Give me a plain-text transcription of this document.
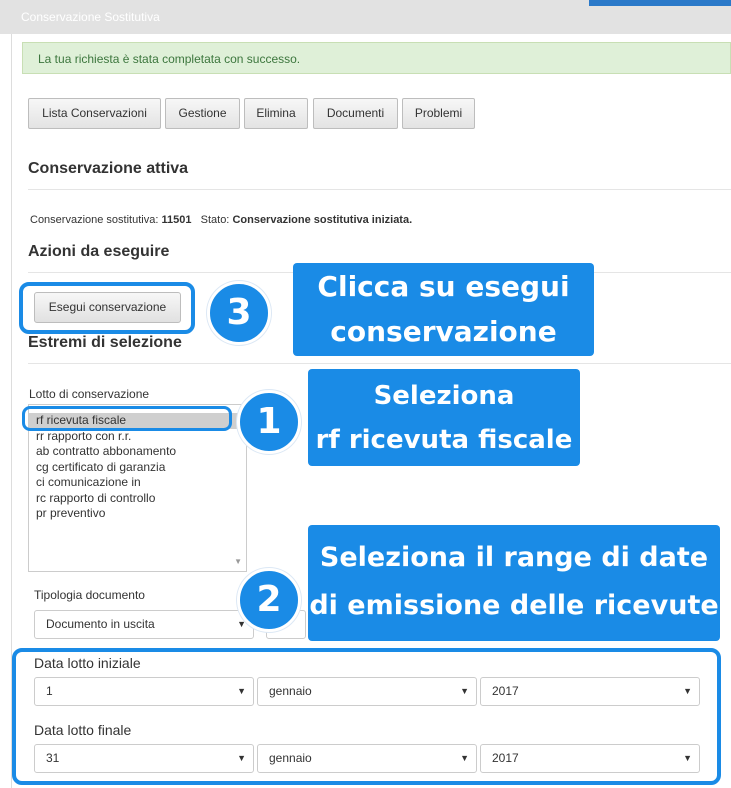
Conservazione Sostitutiva
La tua richiesta è stata completata con successo.
Lista Conservazioni	Gestione	Elimina	Documenti	Problemi
Conservazione attiva
Conservazione sostitutiva: 11501 Stato: Conservazione sostitutiva iniziata.
Azioni da eseguire
Esegui conservazione
Estremi di selezione
Lotto di conservazione
rf ricevuta fiscale
rr rapporto con r.r.
ab contratto abbonamento
cg certificato di garanzia
ci comunicazione in
rc rapporto di controllo
pr preventivo
▼
Tipologia documento
Documento in uscita	▼
Data lotto iniziale
1	▼	gennaio	▼	2017	▼
Data lotto finale
31	▼	gennaio	▼	2017	▼
3
1
2
Clicca su esegui
conservazione
Seleziona
rf ricevuta fiscale
Seleziona il range di date
di emissione delle ricevute
